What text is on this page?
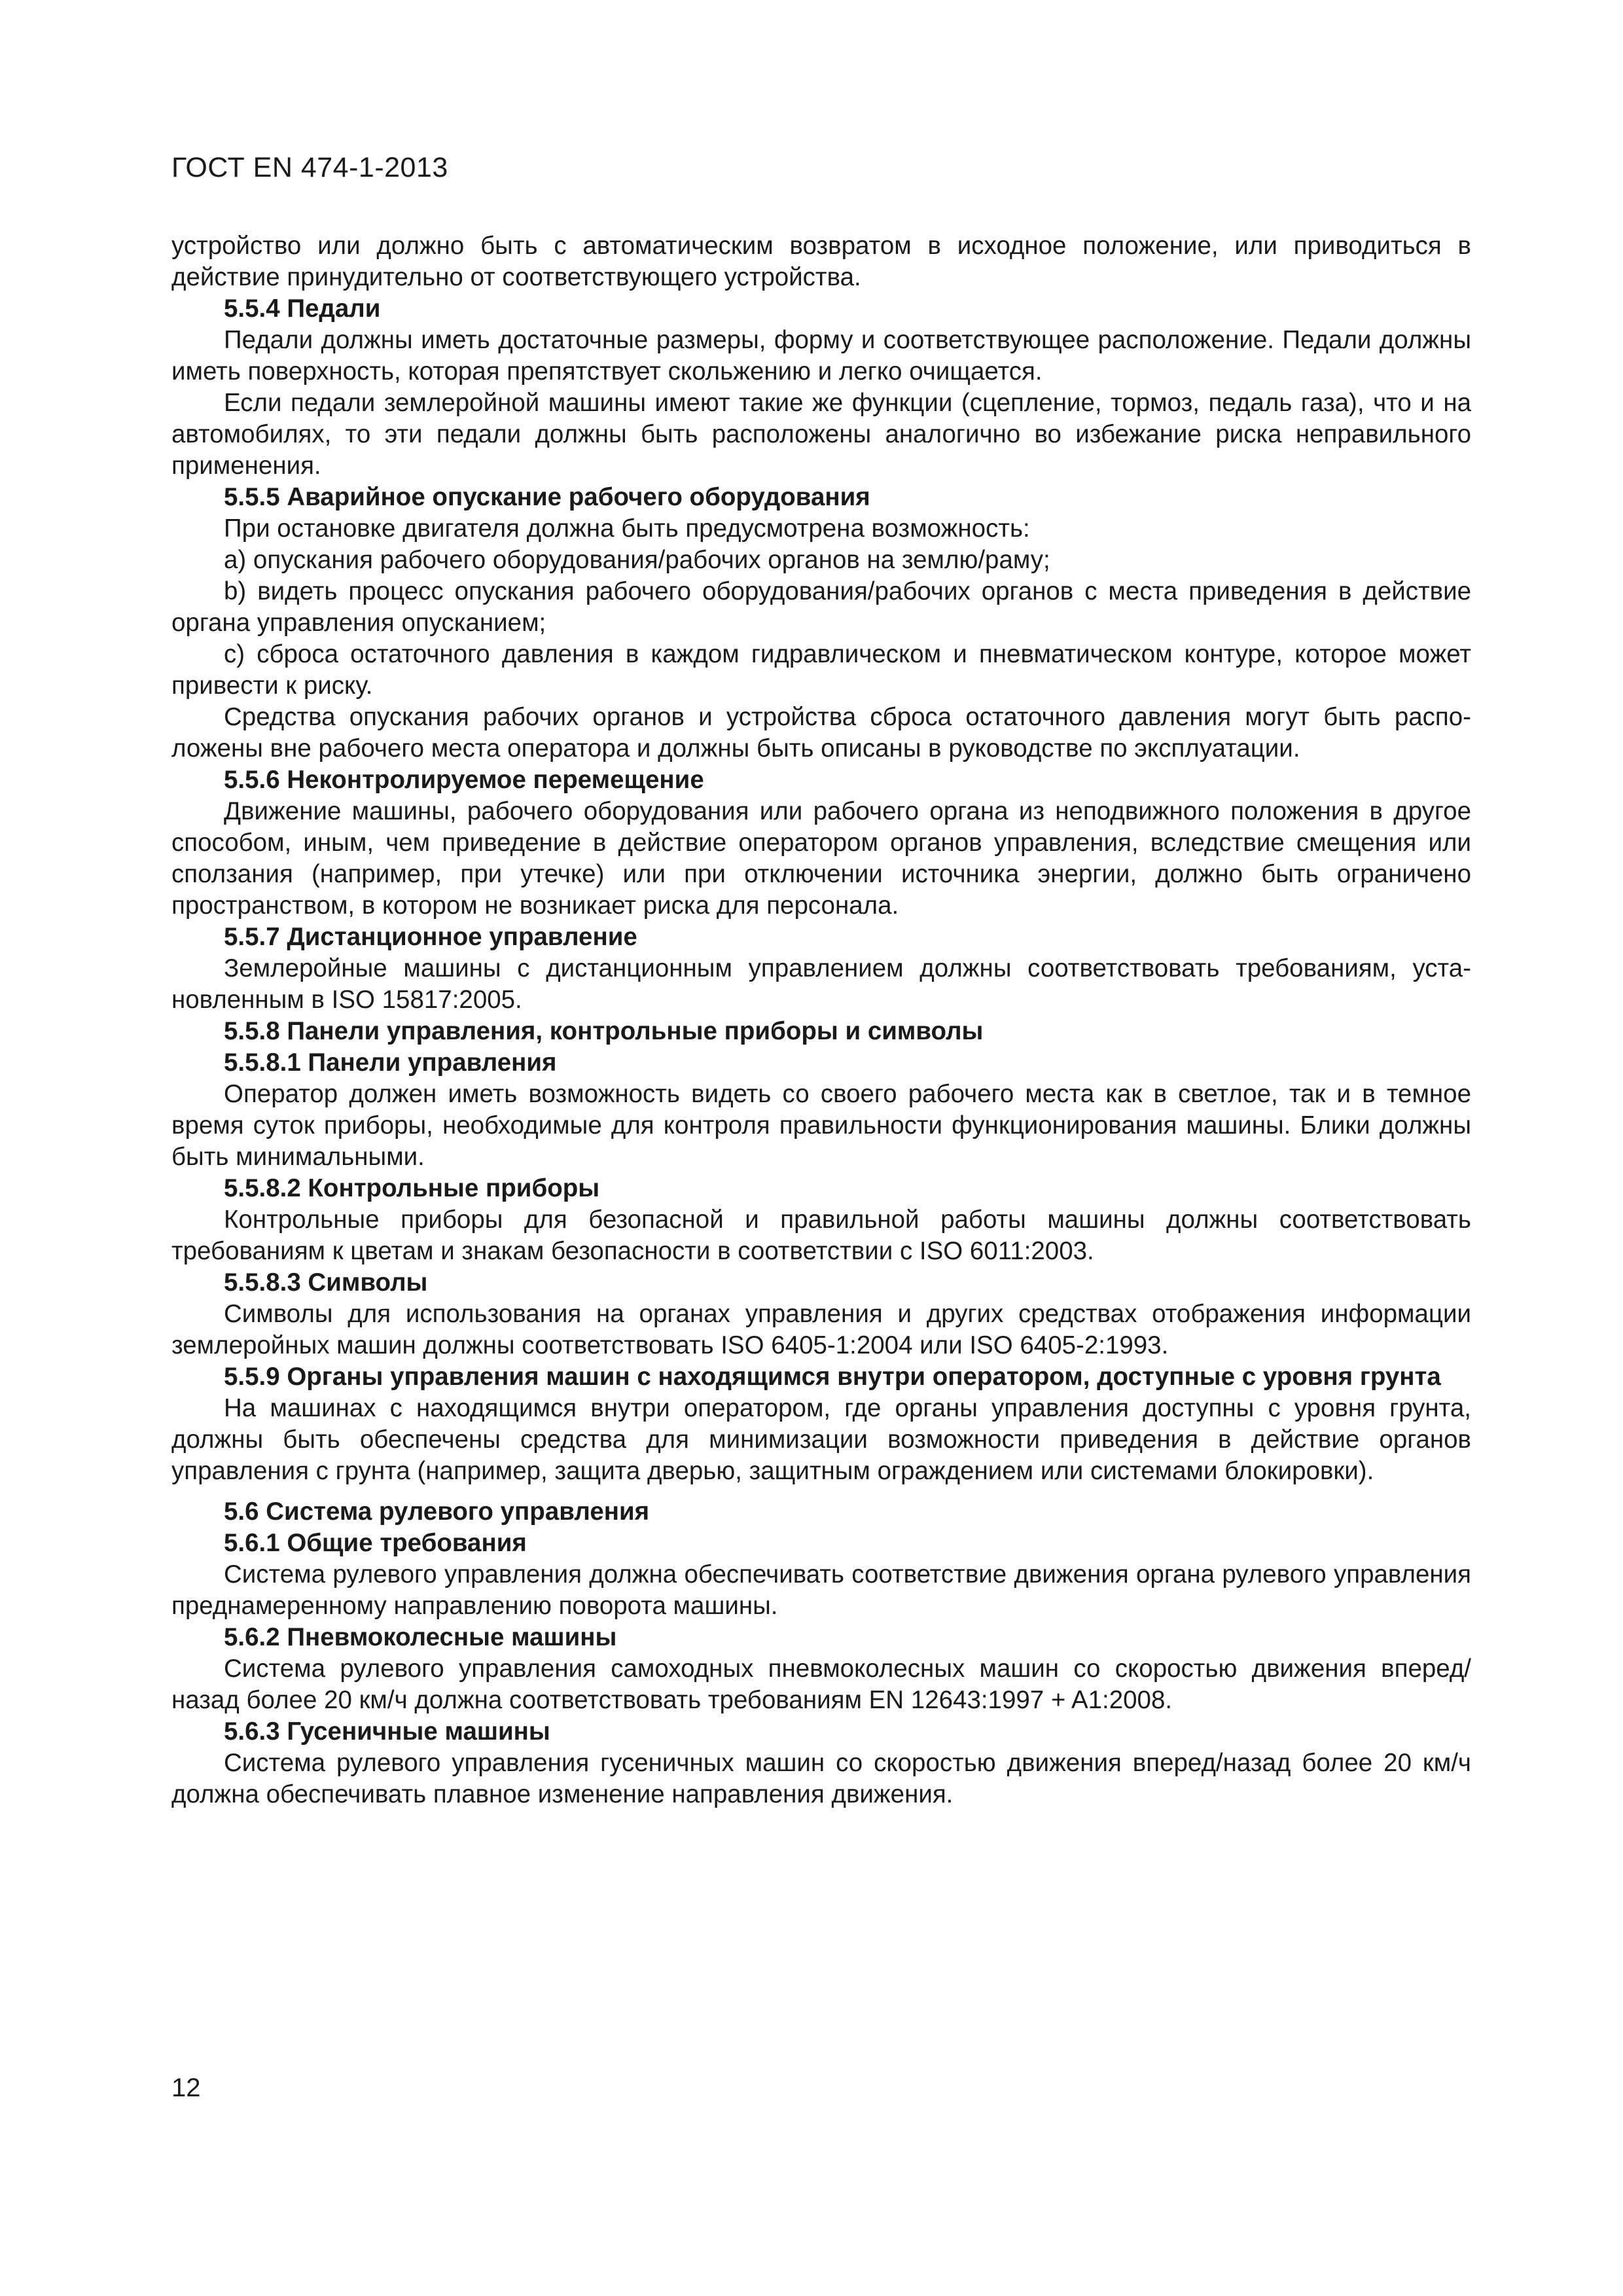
ГОСТ EN 474-1-2013
устройство или должно быть с автоматическим возвратом в исходное положение, или приводиться в действие принудительно от соответствующего устройства.
5.5.4 Педали
Педали должны иметь достаточные размеры, форму и соответствующее расположение. Педали должны иметь поверхность, которая препятствует скольжению и легко очищается.
Если педали землеройной машины имеют такие же функции (сцепление, тормоз, педаль газа), что и на автомобилях, то эти педали должны быть расположены аналогично во избежание риска неправильного применения.
5.5.5 Аварийное опускание рабочего оборудования
При остановке двигателя должна быть предусмотрена возможность:
а) опускания рабочего оборудования/рабочих органов на землю/раму;
b) видеть процесс опускания рабочего оборудования/рабочих органов с места приведения в действие органа управления опусканием;
c) сброса остаточного давления в каждом гидравлическом и пневматическом контуре, которое может привести к риску.
Средства опускания рабочих органов и устройства сброса остаточного давления могут быть расположены вне рабочего места оператора и должны быть описаны в руководстве по эксплуатации.
5.5.6 Неконтролируемое перемещение
Движение машины, рабочего оборудования или рабочего органа из неподвижного положения в другое способом, иным, чем приведение в действие оператором органов управления, вследствие смещения или сползания (например, при утечке) или при отключении источника энергии, должно быть ограничено пространством, в котором не возникает риска для персонала.
5.5.7 Дистанционное управление
Землеройные машины с дистанционным управлением должны соответствовать требованиям, установленным в ISO 15817:2005.
5.5.8 Панели управления, контрольные приборы и символы
5.5.8.1 Панели управления
Оператор должен иметь возможность видеть со своего рабочего места как в светлое, так и в темное время суток приборы, необходимые для контроля правильности функционирования машины. Блики должны быть минимальными.
5.5.8.2 Контрольные приборы
Контрольные приборы для безопасной и правильной работы машины должны соответствовать требованиям к цветам и знакам безопасности в соответствии с ISO 6011:2003.
5.5.8.3 Символы
Символы для использования на органах управления и других средствах отображения информации землеройных машин должны соответствовать ISO 6405-1:2004 или ISO 6405-2:1993.
5.5.9 Органы управления машин с находящимся внутри оператором, доступные с уровня грунта
На машинах с находящимся внутри оператором, где органы управления доступны с уровня грунта, должны быть обеспечены средства для минимизации возможности приведения в действие органов управления с грунта (например, защита дверью, защитным ограждением или системами блокировки).
5.6 Система рулевого управления
5.6.1 Общие требования
Система рулевого управления должна обеспечивать соответствие движения органа рулевого управления преднамеренному направлению поворота машины.
5.6.2 Пневмоколесные машины
Система рулевого управления самоходных пневмоколесных машин со скоростью движения вперед/ назад более 20 км/ч должна соответствовать требованиям EN 12643:1997 + A1:2008.
5.6.3 Гусеничные машины
Система рулевого управления гусеничных машин со скоростью движения вперед/назад более 20 км/ч должна обеспечивать плавное изменение направления движения.
12
